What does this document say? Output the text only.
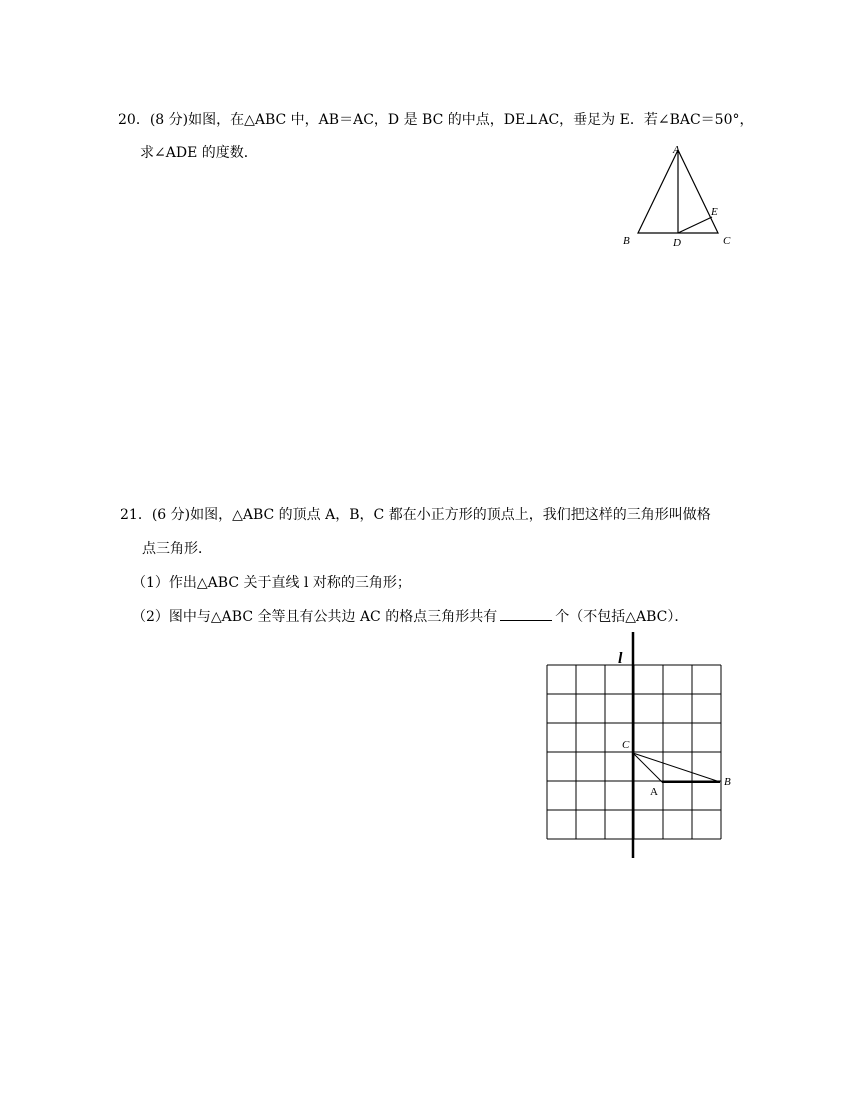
20．(8 分)如图，在△ABC 中，AB＝AC，D 是 BC 的中点，DE⊥AC，垂足为 E．若∠BAC＝50°，
求∠ADE 的度数．	A
B	C
D
E
21．(6 分)如图，△ABC 的顶点 A，B，C 都在小正方形的顶点上，我们把这样的三角形叫做格
点三角形．
（1）作出△ABC 关于直线 l 对称的三角形；
（2）图中与△ABC 全等且有公共边 AC 的格点三角形共有	个（不包括△ABC）．
l
C
A
B
